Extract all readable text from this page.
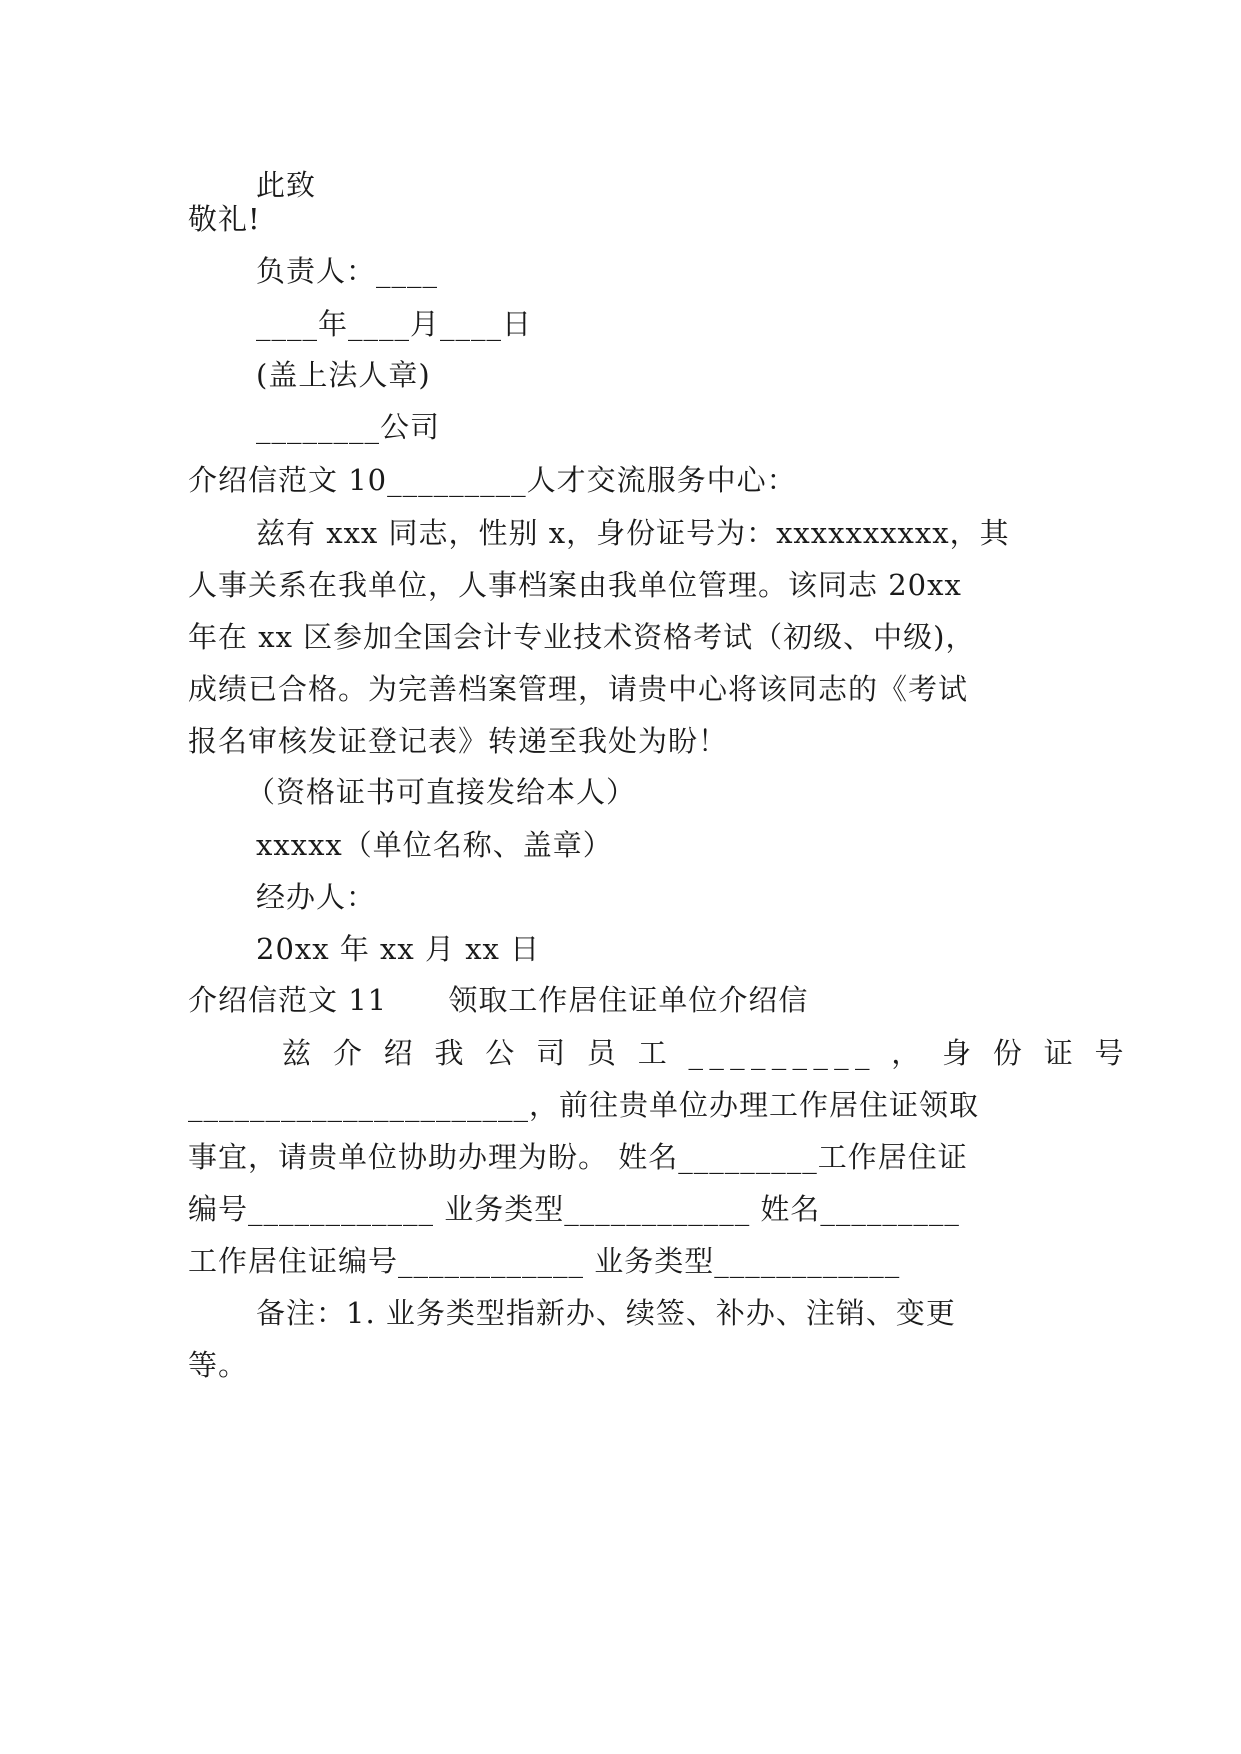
此致
敬礼!
负责人：____
____年____月____日
(盖上法人章)
________公司
介绍信范文 10_________人才交流服务中心：
兹有 xxx 同志，性别 x，身份证号为：xxxxxxxxxx，其
人事关系在我单位，人事档案由我单位管理。该同志 20xx
年在 xx 区参加全国会计专业技术资格考试（初级、中级)，
成绩已合格。为完善档案管理，请贵中心将该同志的《考试
报名审核发证登记表》转递至我处为盼！
（资格证书可直接发给本人）
xxxxx（单位名称、盖章）
经办人：
20xx 年 xx 月 xx 日
介绍信范文 11      领取工作居住证单位介绍信
兹 介 绍 我 公 司 员 工 _________ ， 身 份 证 号
______________________，前往贵单位办理工作居住证领取
事宜，请贵单位协助办理为盼。 姓名_________工作居住证
编号____________ 业务类型____________ 姓名_________
工作居住证编号____________ 业务类型____________
备注：1. 业务类型指新办、续签、补办、注销、变更
等。
